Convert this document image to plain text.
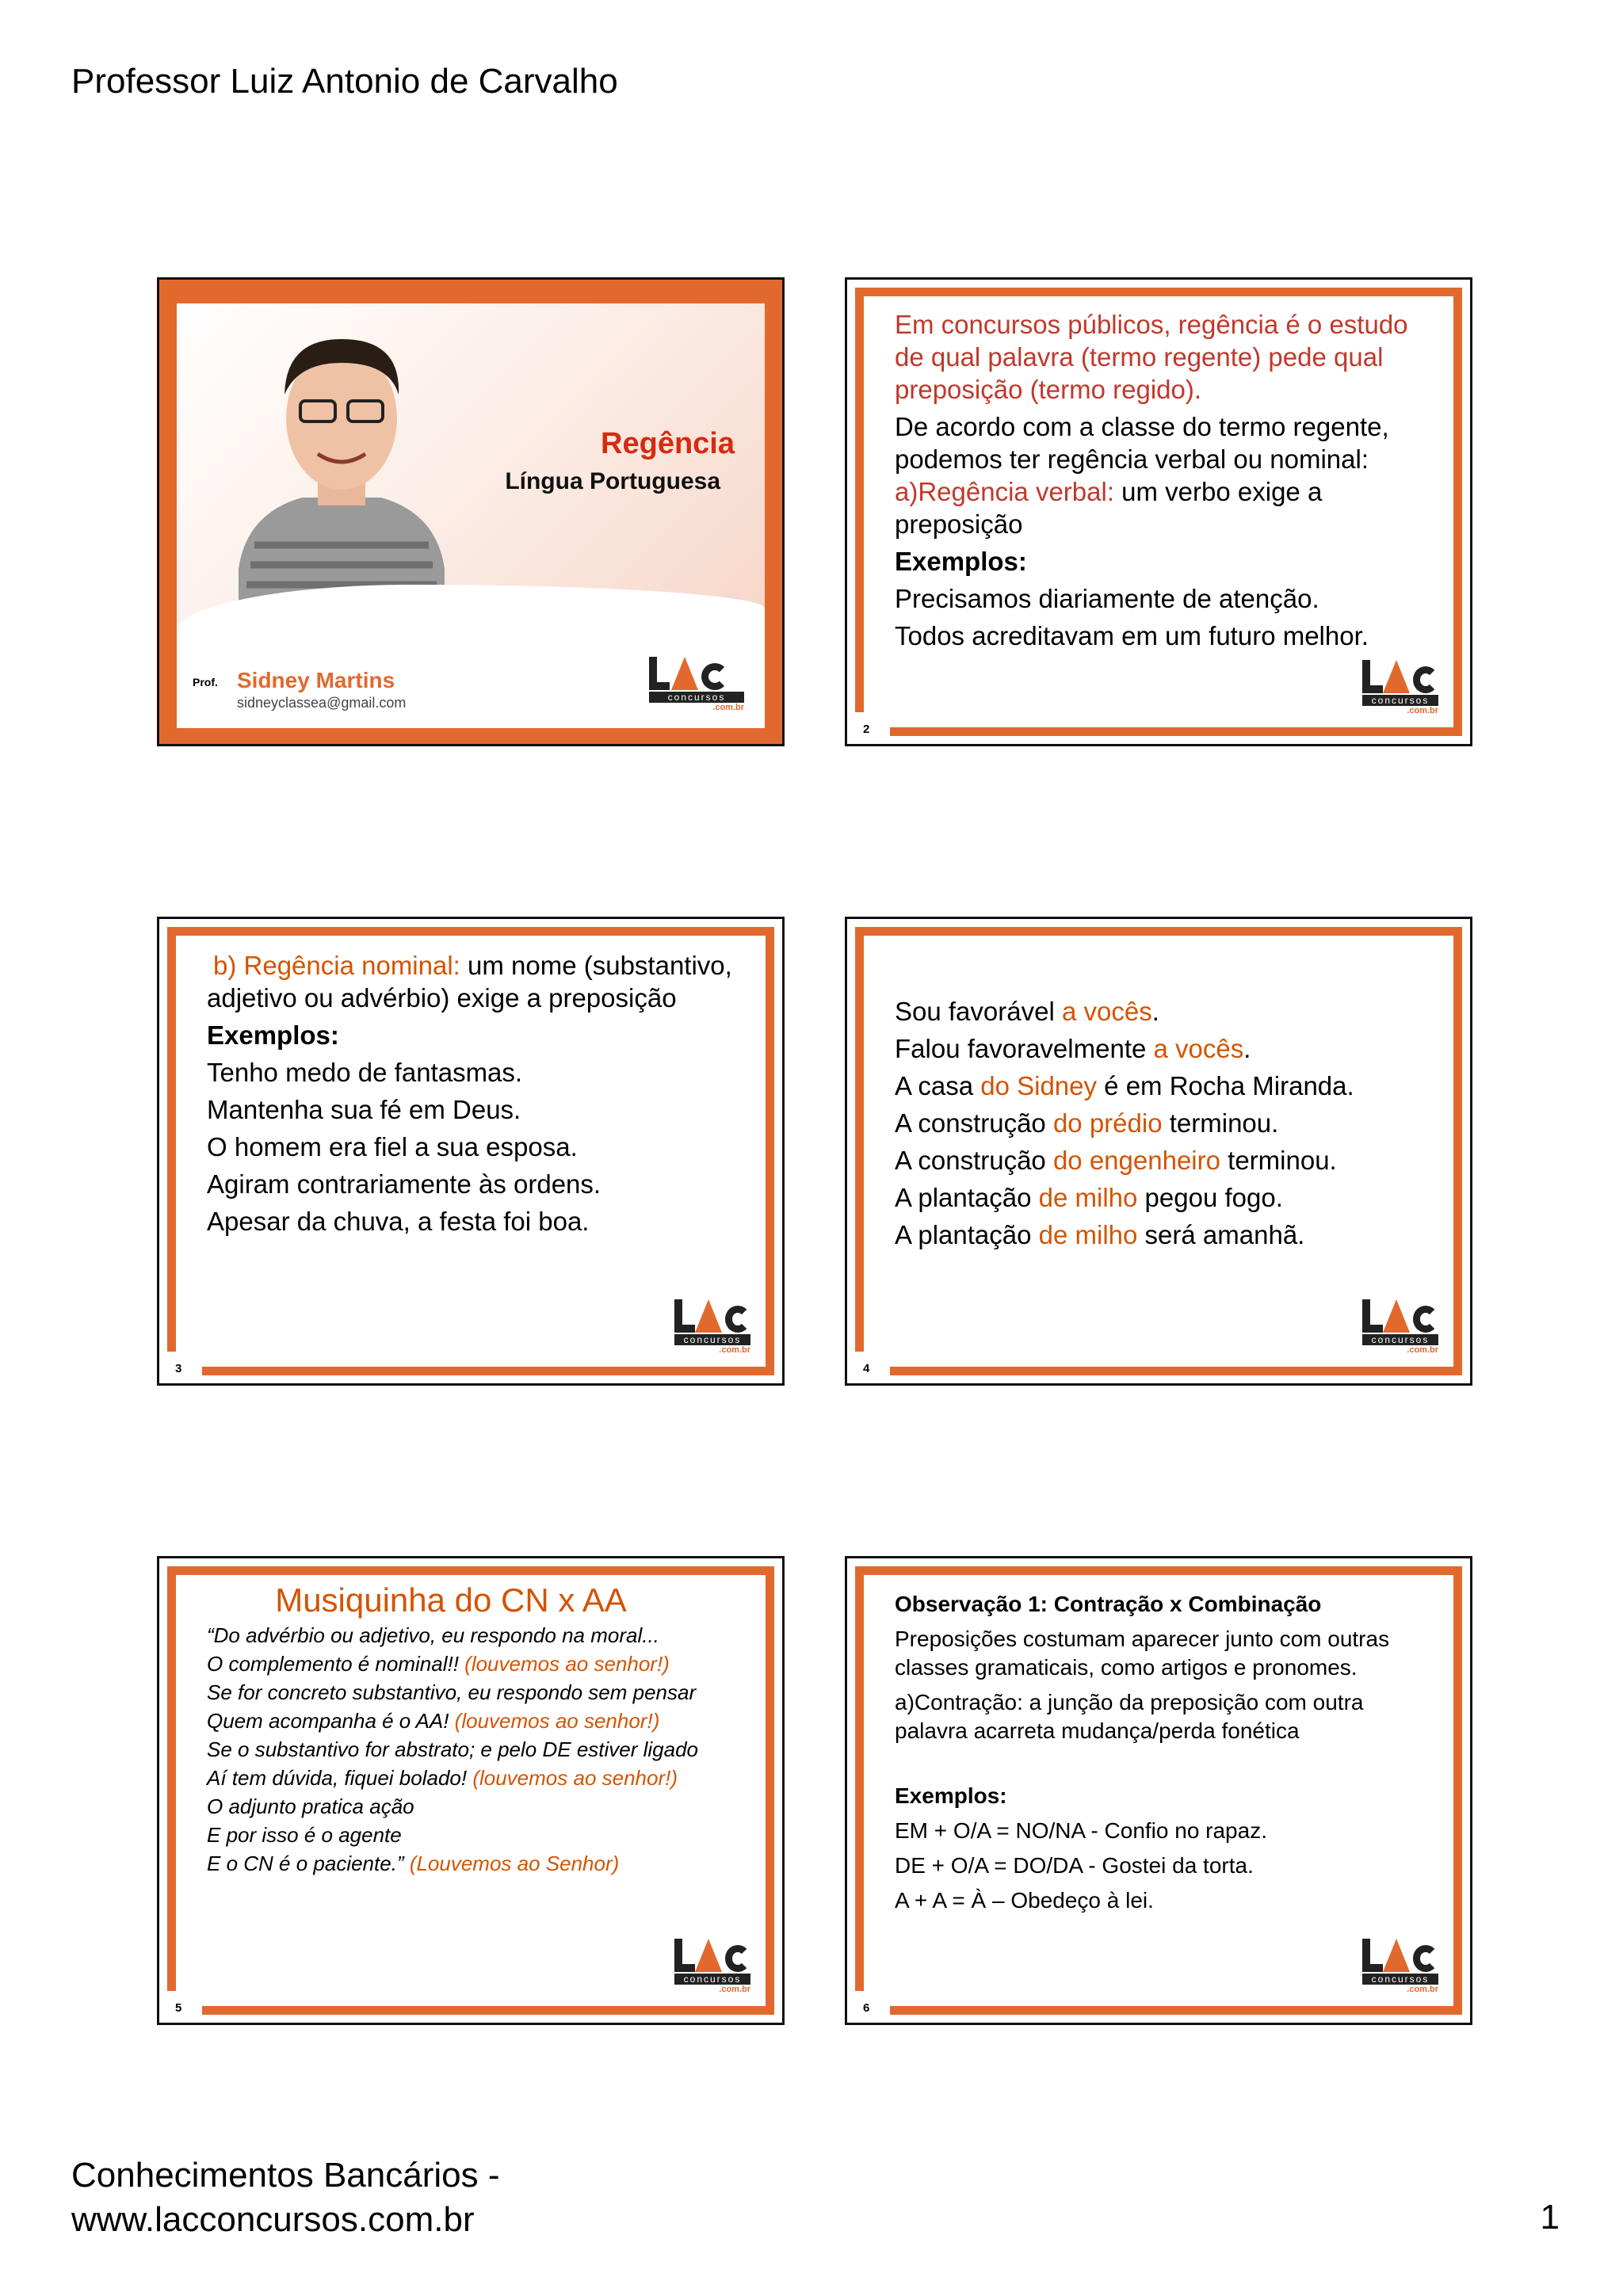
Professor Luiz Antonio de Carvalho
Regência
Língua Portuguesa
Prof. Sidney Martins
sidneyclassea@gmail.com	concursos
.com.br
2
Em concursos públicos, regência é o estudo de qual palavra (termo regente) pede qual preposição (termo regido).
De acordo com a classe do termo regente, podemos ter regência verbal ou nominal:
a)Regência verbal: um verbo exige a preposição
Exemplos:
Precisamos diariamente de atenção.
Todos acreditavam em um futuro melhor.
concursos
.com.br
3
b) Regência nominal: um nome (substantivo, adjetivo ou advérbio) exige a preposição
Exemplos:
Tenho medo de fantasmas.
Mantenha sua fé em Deus.
O homem era fiel a sua esposa.
Agiram contrariamente às ordens.
Apesar da chuva, a festa foi boa.
concursos
.com.br
4
Sou favorável a vocês.
Falou favoravelmente a vocês.
A casa do Sidney é em Rocha Miranda.
A construção do prédio terminou.
A construção do engenheiro terminou.
A plantação de milho pegou fogo.
A plantação de milho será amanhã.
concursos
.com.br
5
Musiquinha do CN x AA
“Do advérbio ou adjetivo, eu respondo na moral...
O complemento é nominal!! (louvemos ao senhor!)
Se for concreto substantivo, eu respondo sem pensar
Quem acompanha é o AA! (louvemos ao senhor!)
Se o substantivo for abstrato; e pelo DE estiver ligado
Aí tem dúvida, fiquei bolado! (louvemos ao senhor!)
O adjunto pratica ação
E por isso é o agente
E o CN é o paciente.” (Louvemos ao Senhor)
concursos
.com.br
6
Observação 1: Contração x Combinação
Preposições costumam aparecer junto com outras classes gramaticais, como artigos e pronomes.
a)Contração: a junção da preposição com outra palavra acarreta mudança/perda fonética
Exemplos:
EM + O/A = NO/NA - Confio no rapaz.
DE + O/A = DO/DA - Gostei da torta.
A + A = À – Obedeço à lei.
concursos
.com.br
Conhecimentos Bancários -
www.lacconcursos.com.br	1
